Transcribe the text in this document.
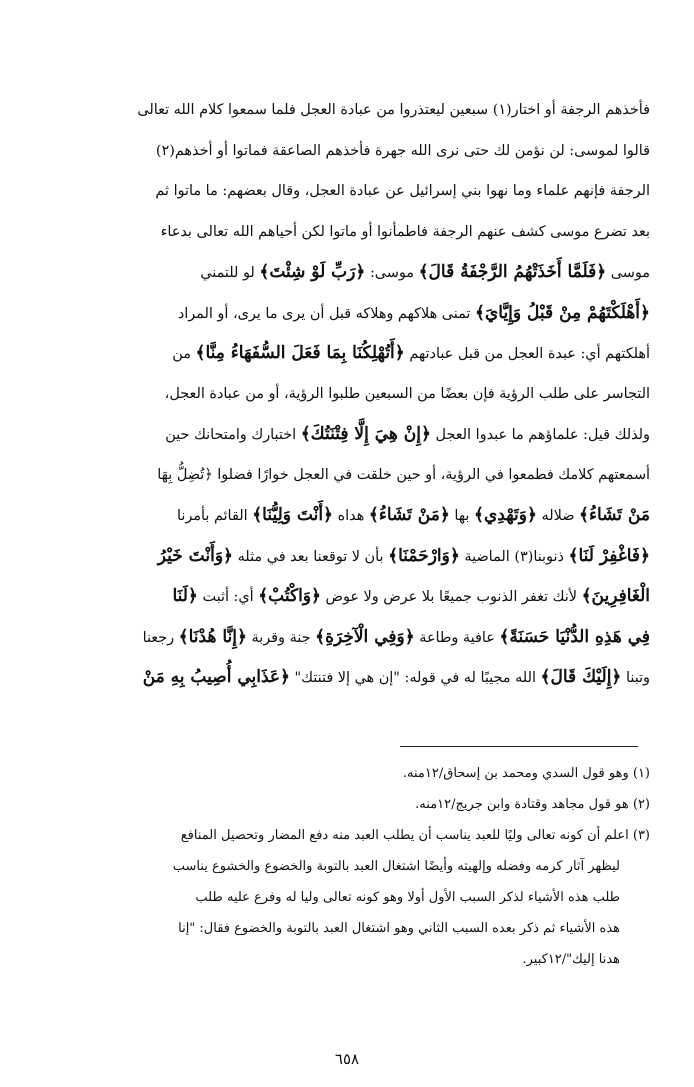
فأخذهم الرجفة أو اختار(١) سبعين ليعتذروا من عبادة العجل فلما سمعوا كلام الله تعالى
قالوا لموسى: لن نؤمن لك حتى نرى الله جهرة فأخذهم الصاعقة فماتوا أو أخذهم(٢)
الرجفة فإنهم علماء وما نهوا بني إسرائيل عن عبادة العجل، وقال بعضهم: ما ماتوا ثم
بعد تضرع موسى كشف عنهم الرجفة فاطمأنوا أو ماتوا لكن أحياهم الله تعالى بدعاء
موسى ﴿فَلَمَّا أَخَذَتْهُمُ الرَّجْفَةُ قَالَ﴾ موسى: ﴿رَبِّ لَوْ شِئْتَ﴾ لو للتمني
﴿أَهْلَكْتَهُمْ مِنْ قَبْلُ وَإِيَّايَ﴾ تمنى هلاكهم وهلاكه قبل أن يرى ما يرى، أو المراد
أهلكتهم أي: عبدة العجل من قبل عبادتهم ﴿أَتُهْلِكُنَا بِمَا فَعَلَ السُّفَهَاءُ مِنَّا﴾ من
التجاسر على طلب الرؤية فإن بعضًا من السبعين طلبوا الرؤية، أو من عبادة العجل،
ولذلك قيل: علماؤهم ما عبدوا العجل ﴿إِنْ هِيَ إِلَّا فِتْنَتُكَ﴾ اختبارك وامتحانك حين
أسمعتهم كلامك فطمعوا في الرؤية، أو حين خلقت في العجل خوارًا فضلوا ﴿تُضِلُّ بِهَا
مَنْ تَشَاءُ﴾ ضلاله ﴿وَتَهْدِي﴾ بها ﴿مَنْ تَشَاءُ﴾ هداه ﴿أَنْتَ وَلِيُّنَا﴾ القائم بأمرنا
﴿فَاغْفِرْ لَنَا﴾ ذنوبنا(٣) الماضية ﴿وَارْحَمْنَا﴾ بأن لا توقعنا بعد في مثله ﴿وَأَنْتَ خَيْرُ
الْغَافِرِينَ﴾ لأنك تغفر الذنوب جميعًا بلا عرض ولا عوض ﴿وَاكْتُبْ﴾ أي: أثبت ﴿لَنَا
فِي هَذِهِ الدُّنْيَا حَسَنَةً﴾ عافية وطاعة ﴿وَفِي الْآخِرَةِ﴾ جنة وقربة ﴿إِنَّا هُدْنَا﴾ رجعنا
وتبنا ﴿إِلَيْكَ قَالَ﴾ الله مجيبًا له في قوله: "إن هي إلا فتنتك" ﴿عَذَابِي أُصِيبُ بِهِ مَنْ
(١) وهو قول السدي ومحمد بن إسحاق/١٢منه.
(٢) هو قول مجاهد وقتادة وابن جريج/١٢منه.
(٣) اعلم أن كونه تعالى وليًا للعبد يناسب أن يطلب العبد منه دفع المضار وتحصيل المنافع
ليظهر آثار كرمه وفضله وإلهيته وأيضًا اشتغال العبد بالتوبة والخضوع والخشوع يناسب
طلب هذه الأشياء لذكر السبب الأول أولا وهو كونه تعالى وليا له وفرع عليه طلب
هذه الأشياء ثم ذكر بعده السبب الثاني وهو اشتغال العبد بالتوبة والخضوع فقال: "إنا
هدنا إليك"/١٢كبير.
٦٥٨
